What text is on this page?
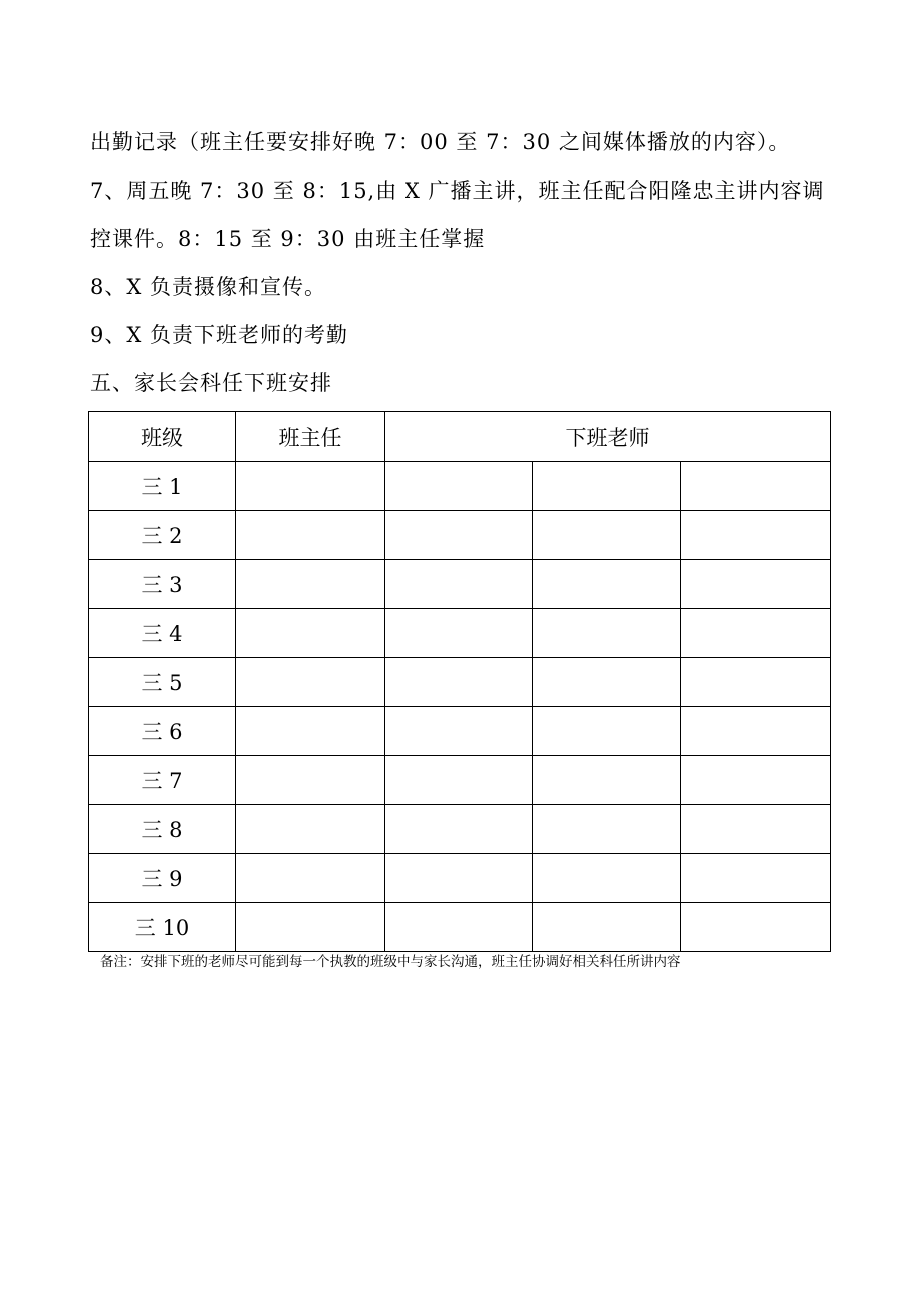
出勤记录（班主任要安排好晚 7：00 至 7：30 之间媒体播放的内容）。
7、周五晚 7：30 至 8：15,由 X 广播主讲，班主任配合阳隆忠主讲内容调
控课件。8：15 至 9：30 由班主任掌握
8、X 负责摄像和宣传。
9、X 负责下班老师的考勤
五、家长会科任下班安排
班级	班主任	下班老师		
三 1				
三 2				
三 3				
三 4				
三 5				
三 6				
三 7				
三 8				
三 9				
三 10				
备注：安排下班的老师尽可能到每一个执教的班级中与家长沟通，班主任协调好相关科任所讲内容
